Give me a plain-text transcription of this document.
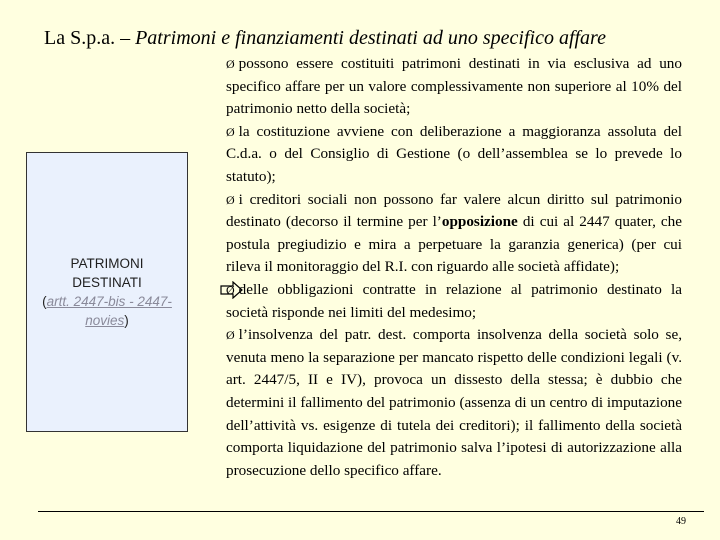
La S.p.a. – Patrimoni e finanziamenti destinati ad uno specifico affare
PATRIMONI
DESTINATI
(artt. 2447-bis - 2447-novies)

Ø possono essere costituiti patrimoni destinati in via esclusiva ad uno specifico affare per un valore complessivamente non superiore al 10% del patrimonio netto della società;

Ø la costituzione avviene con deliberazione a maggioranza assoluta del C.d.a. o del Consiglio di Gestione (o dell’assemblea se lo prevede lo statuto);

Ø i creditori sociali non possono far valere alcun diritto sul patrimonio destinato (decorso il termine per l’opposizione di cui al 2447 quater, che postula pregiudizio e mira a perpetuare la garanzia generica) (per cui rileva il monitoraggio del R.I. con riguardo alle società affidate);

Ø delle obbligazioni contratte in relazione al patrimonio destinato la società risponde nei limiti del medesimo;

Ø l’insolvenza del patr. dest. comporta insolvenza della società solo se, venuta meno la separazione per mancato rispetto delle condizioni legali (v. art. 2447/5, II e IV), provoca un dissesto della stessa; è dubbio che determini il fallimento del patrimonio (assenza di un centro di imputazione dell’attività vs. esigenze di tutela dei creditori); il fallimento della società comporta liquidazione del patrimonio salva l’ipotesi di autorizzazione alla prosecuzione dello specifico affare.

49
